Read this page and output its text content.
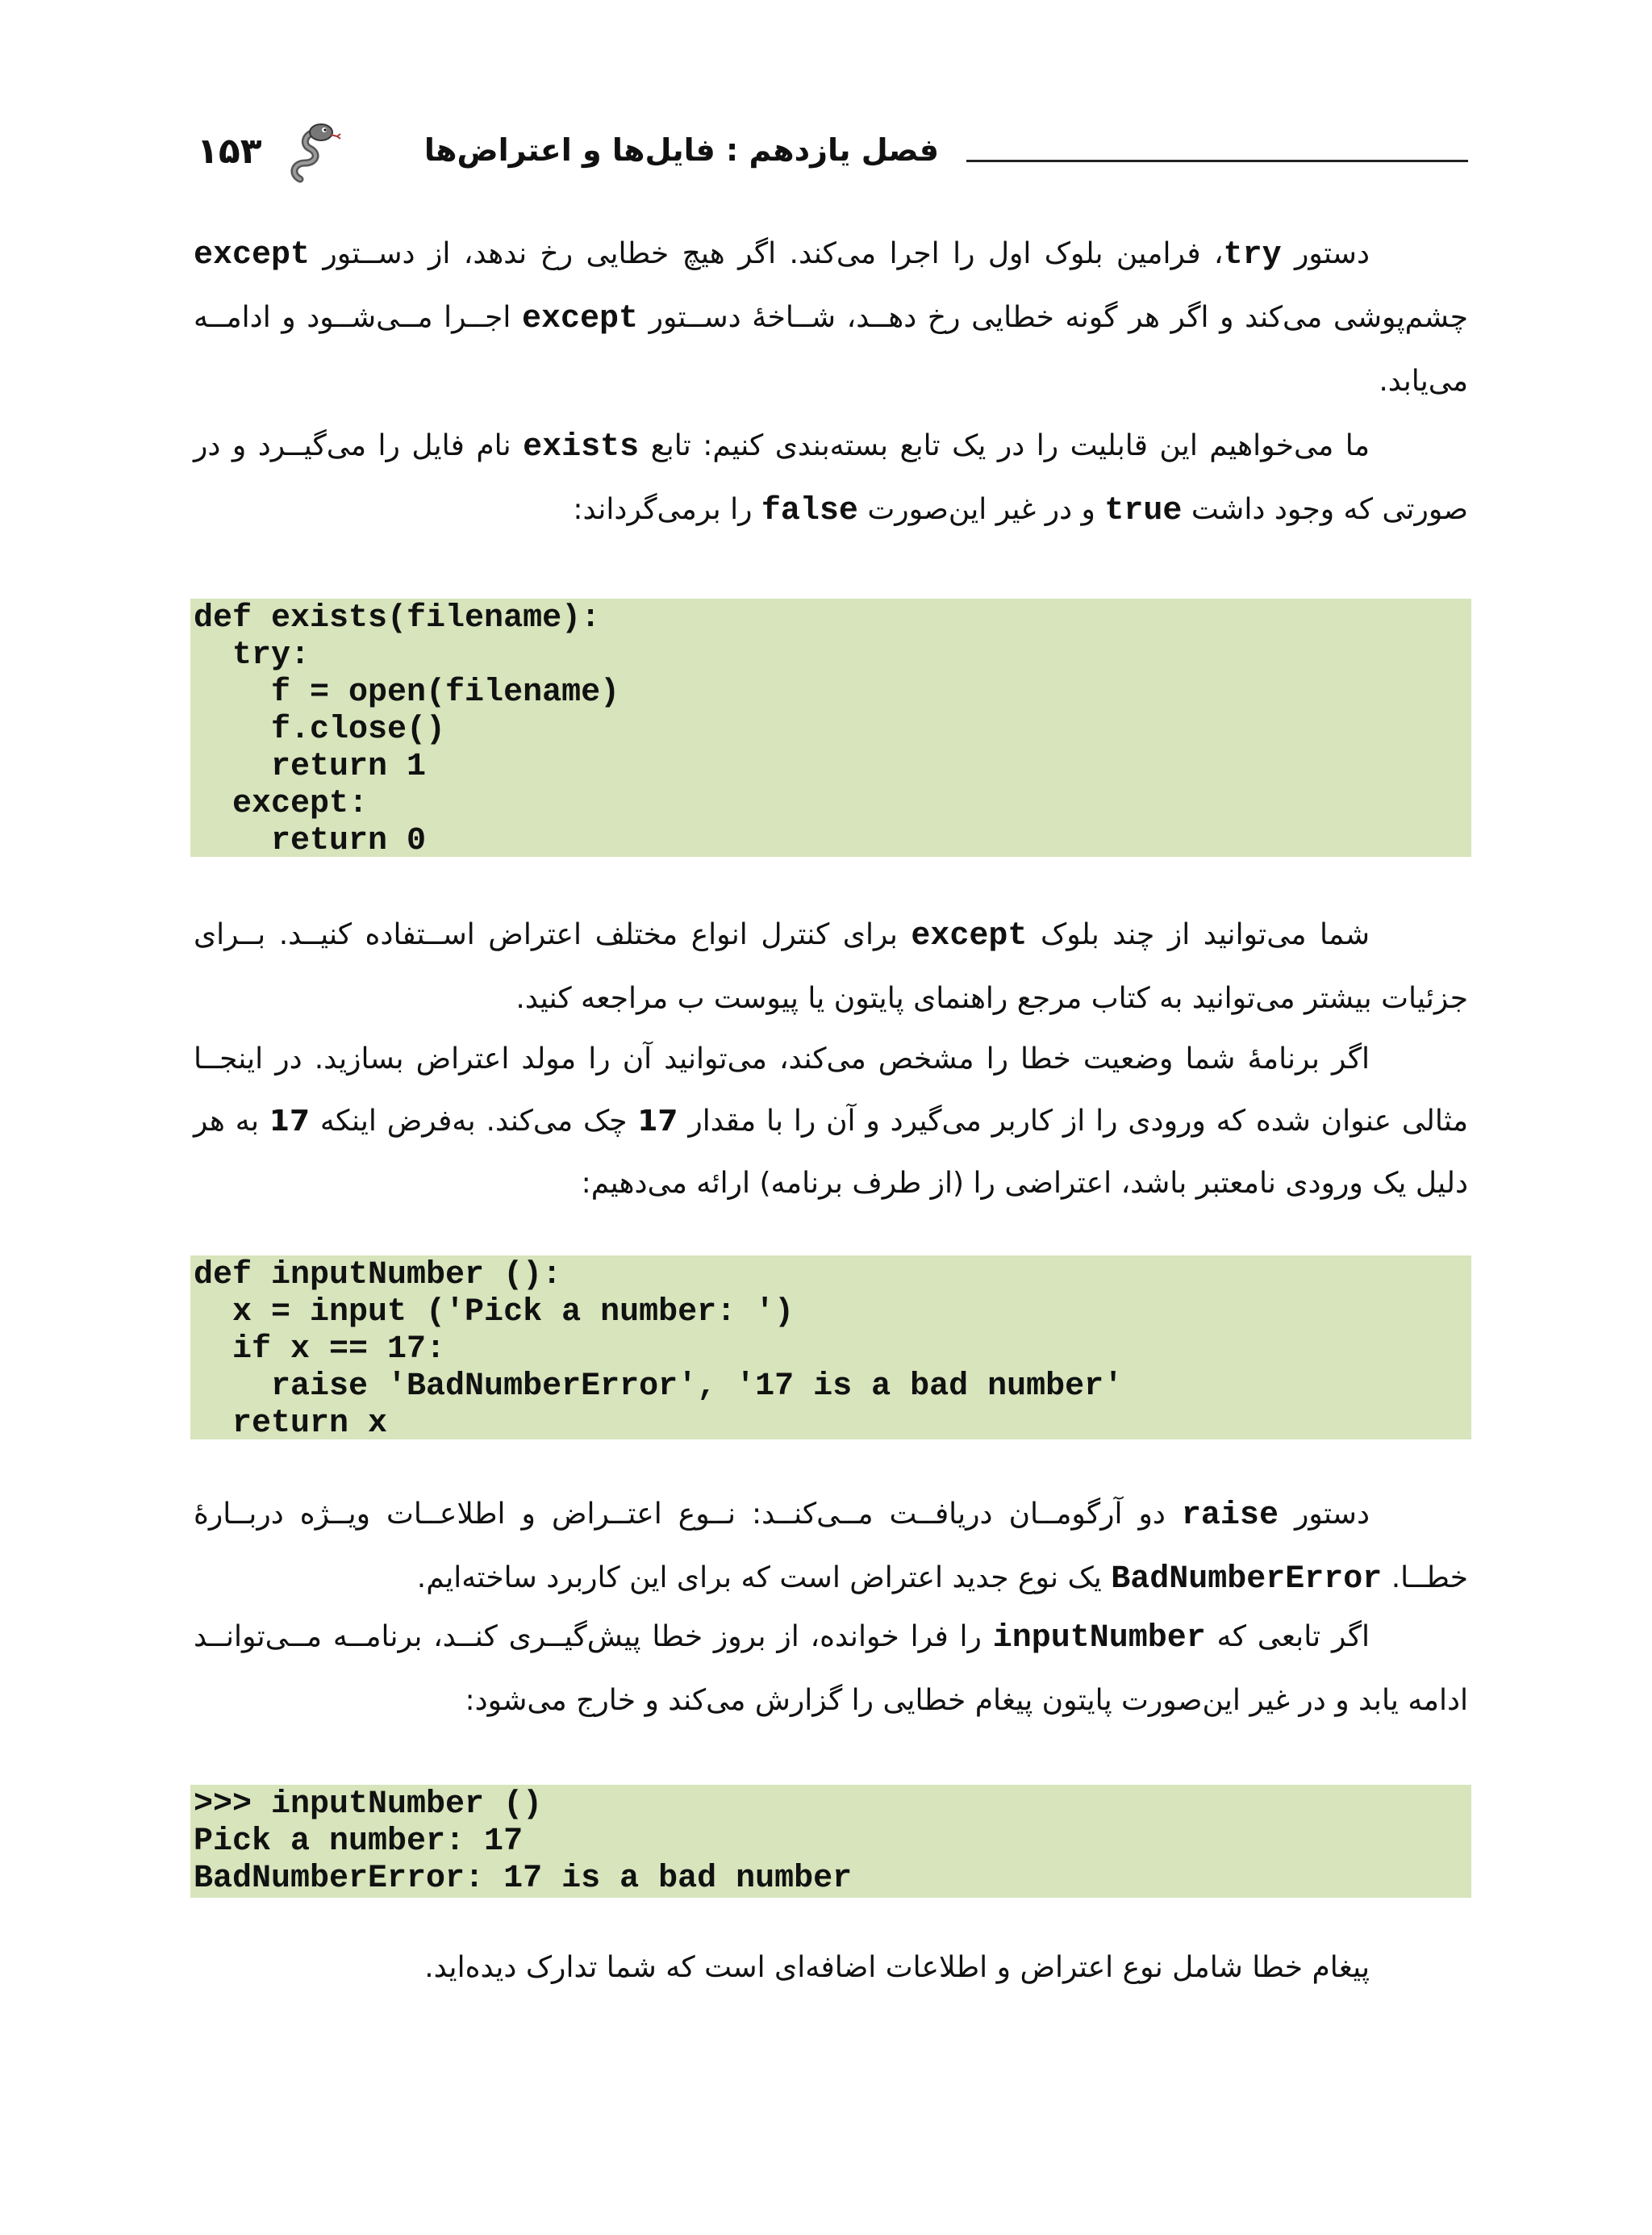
۱۵۳	فصل یازدهم : فایل‌ها و اعتراض‌ها

دستور try، فرامین بلوک اول را اجرا می‌کند. اگر هیچ خطایی رخ ندهد، از دســتور except چشم‌پوشی می‌کند و اگر هر گونه خطایی رخ دهــد، شــاخهٔ دســتور except اجــرا مــی‌شــود و ادامــه می‌یابد.

ما می‌خواهیم این قابلیت را در یک تابع بسته‌بندی کنیم: تابع exists نام فایل را می‌گیــرد و در صورتی که وجود داشت true و در غیر این‌صورت false را برمی‌گرداند:

def exists(filename):
try:
f = open(filename)
f.close()
return 1
except:
return 0

شما می‌توانید از چند بلوک except برای کنترل انواع مختلف اعتراض اســتفاده کنیــد. بــرای جزئیات بیشتر می‌توانید به کتاب مرجع راهنمای پایتون یا پیوست ب مراجعه کنید.

اگر برنامهٔ شما وضعیت خطا را مشخص می‌کند، می‌توانید آن را مولد اعتراض بسازید. در اینجــا مثالی عنوان شده که ورودی را از کاربر می‌گیرد و آن را با مقدار 17 چک می‌کند. به‌فرض اینکه 17 به هر دلیل یک ورودی نامعتبر باشد، اعتراضی را (از طرف برنامه) ارائه می‌دهیم:

def inputNumber ():
x = input ('Pick a number: ')
if x == 17:
raise 'BadNumberError', '17 is a bad number'
return x

دستور raise دو آرگومــان دریافــت مــی‌کنــد: نــوع اعتــراض و اطلاعــات ویــژه دربــارهٔ خطــا. BadNumberError یک نوع جدید اعتراض است که برای این کاربرد ساخته‌ایم.

اگر تابعی که inputNumber را فرا خوانده، از بروز خطا پیش‌گیــری کنــد، برنامــه مــی‌توانــد ادامه یابد و در غیر این‌صورت پایتون پیغام خطایی را گزارش می‌کند و خارج می‌شود:

>>> inputNumber ()
Pick a number: 17
BadNumberError: 17 is a bad number

پیغام خطا شامل نوع اعتراض و اطلاعات اضافه‌ای است که شما تدارک دیده‌اید.
